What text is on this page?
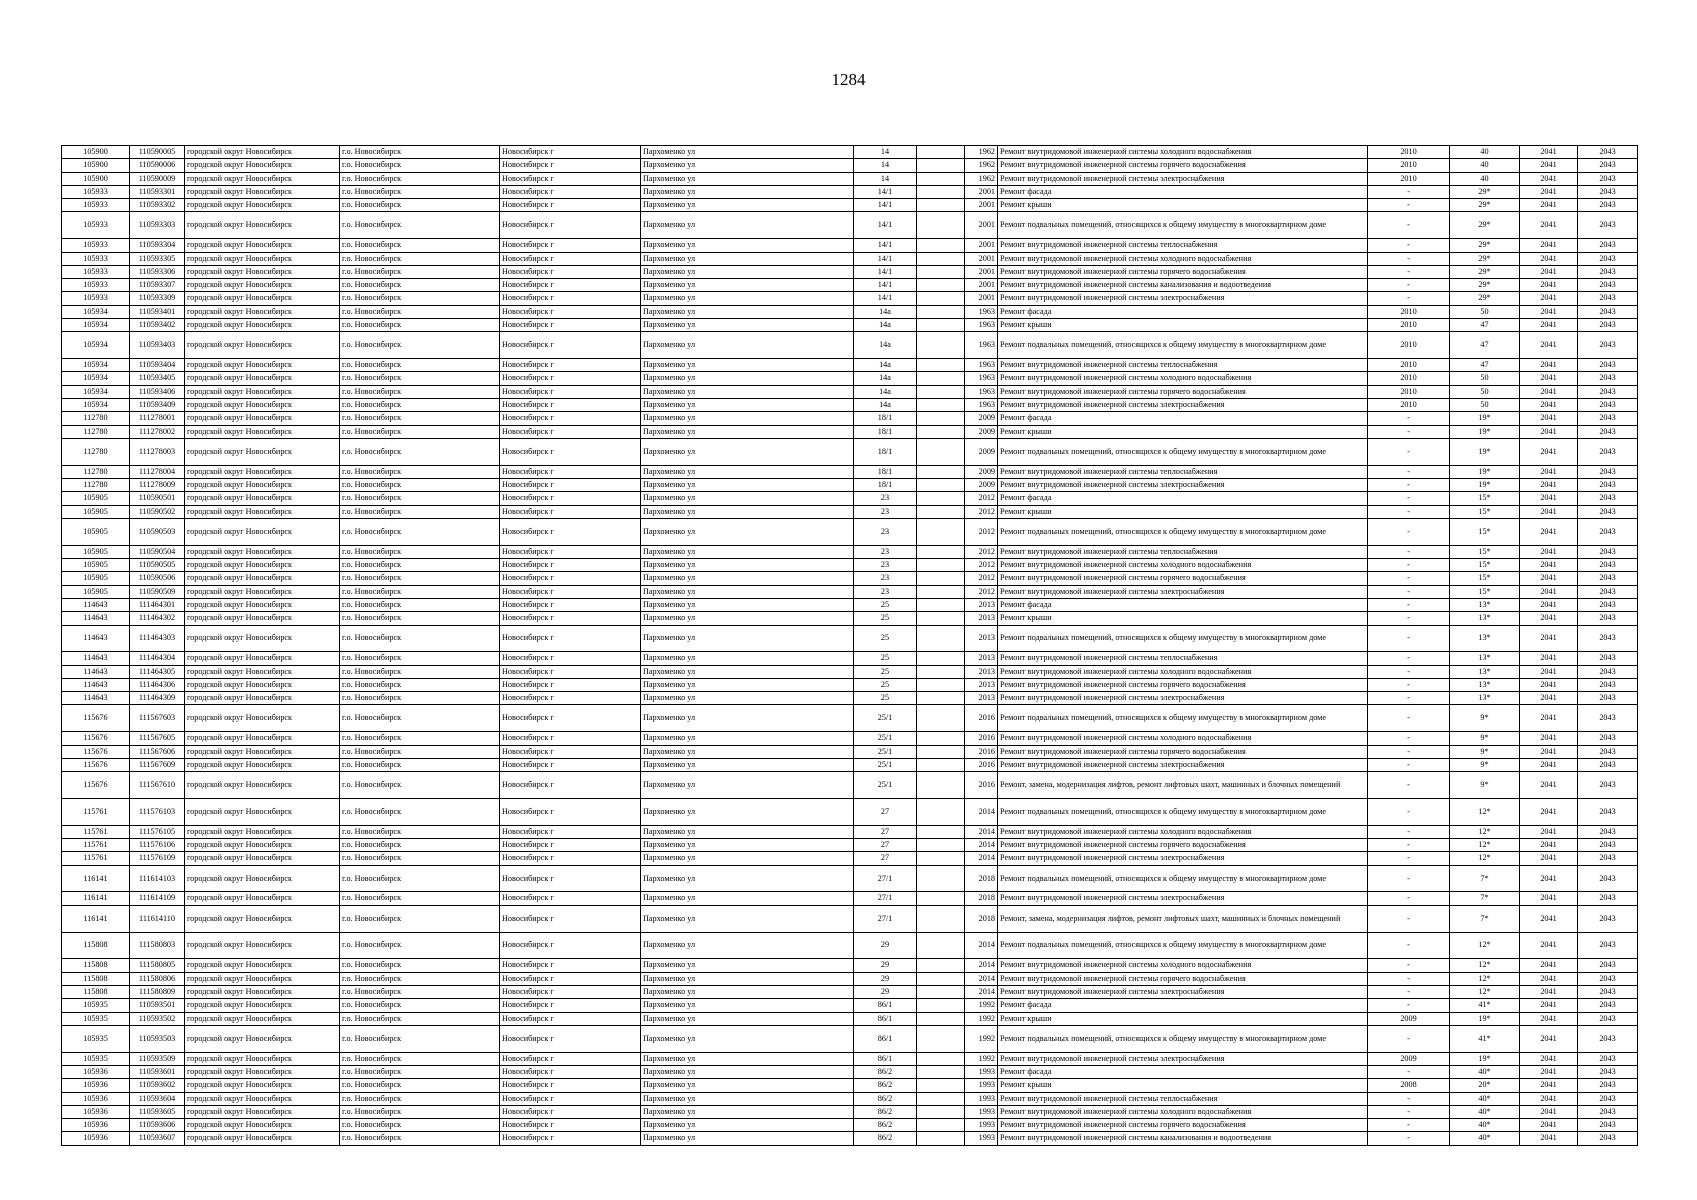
1284
105900	110590005	городской округ Новосибирск	г.о. Новосибирск	Новосибирск г	Пархоменко ул	14		1962	Ремонт внутридомовой инженерной системы холодного водоснабжения	2010	40	2041	2043
105900	110590006	городской округ Новосибирск	г.о. Новосибирск	Новосибирск г	Пархоменко ул	14		1962	Ремонт внутридомовой инженерной системы горячего водоснабжения	2010	40	2041	2043
105900	110590009	городской округ Новосибирск	г.о. Новосибирск	Новосибирск г	Пархоменко ул	14		1962	Ремонт внутридомовой инженерной системы электроснабжения	2010	40	2041	2043
105933	110593301	городской округ Новосибирск	г.о. Новосибирск	Новосибирск г	Пархоменко ул	14/1		2001	Ремонт фасада	-	29*	2041	2043
105933	110593302	городской округ Новосибирск	г.о. Новосибирск	Новосибирск г	Пархоменко ул	14/1		2001	Ремонт крыши	-	29*	2041	2043
105933	110593303	городской округ Новосибирск	г.о. Новосибирск	Новосибирск г	Пархоменко ул	14/1		2001	Ремонт подвальных помещений, относящихся к общему имуществу в многоквартирном доме	-	29*	2041	2043
105933	110593304	городской округ Новосибирск	г.о. Новосибирск	Новосибирск г	Пархоменко ул	14/1		2001	Ремонт внутридомовой инженерной системы теплоснабжения	-	29*	2041	2043
105933	110593305	городской округ Новосибирск	г.о. Новосибирск	Новосибирск г	Пархоменко ул	14/1		2001	Ремонт внутридомовой инженерной системы холодного водоснабжения	-	29*	2041	2043
105933	110593306	городской округ Новосибирск	г.о. Новосибирск	Новосибирск г	Пархоменко ул	14/1		2001	Ремонт внутридомовой инженерной системы горячего водоснабжения	-	29*	2041	2043
105933	110593307	городской округ Новосибирск	г.о. Новосибирск	Новосибирск г	Пархоменко ул	14/1		2001	Ремонт внутридомовой инженерной системы канализования и водоотведения	-	29*	2041	2043
105933	110593309	городской округ Новосибирск	г.о. Новосибирск	Новосибирск г	Пархоменко ул	14/1		2001	Ремонт внутридомовой инженерной системы электроснабжения	-	29*	2041	2043
105934	110593401	городской округ Новосибирск	г.о. Новосибирск	Новосибирск г	Пархоменко ул	14а		1963	Ремонт фасада	2010	50	2041	2043
105934	110593402	городской округ Новосибирск	г.о. Новосибирск	Новосибирск г	Пархоменко ул	14а		1963	Ремонт крыши	2010	47	2041	2043
105934	110593403	городской округ Новосибирск	г.о. Новосибирск	Новосибирск г	Пархоменко ул	14а		1963	Ремонт подвальных помещений, относящихся к общему имуществу в многоквартирном доме	2010	47	2041	2043
105934	110593404	городской округ Новосибирск	г.о. Новосибирск	Новосибирск г	Пархоменко ул	14а		1963	Ремонт внутридомовой инженерной системы теплоснабжения	2010	47	2041	2043
105934	110593405	городской округ Новосибирск	г.о. Новосибирск	Новосибирск г	Пархоменко ул	14а		1963	Ремонт внутридомовой инженерной системы холодного водоснабжения	2010	50	2041	2043
105934	110593406	городской округ Новосибирск	г.о. Новосибирск	Новосибирск г	Пархоменко ул	14а		1963	Ремонт внутридомовой инженерной системы горячего водоснабжения	2010	50	2041	2043
105934	110593409	городской округ Новосибирск	г.о. Новосибирск	Новосибирск г	Пархоменко ул	14а		1963	Ремонт внутридомовой инженерной системы электроснабжения	2010	50	2041	2043
112780	111278001	городской округ Новосибирск	г.о. Новосибирск	Новосибирск г	Пархоменко ул	18/1		2009	Ремонт фасада	-	19*	2041	2043
112780	111278002	городской округ Новосибирск	г.о. Новосибирск	Новосибирск г	Пархоменко ул	18/1		2009	Ремонт крыши	-	19*	2041	2043
112780	111278003	городской округ Новосибирск	г.о. Новосибирск	Новосибирск г	Пархоменко ул	18/1		2009	Ремонт подвальных помещений, относящихся к общему имуществу в многоквартирном доме	-	19*	2041	2043
112780	111278004	городской округ Новосибирск	г.о. Новосибирск	Новосибирск г	Пархоменко ул	18/1		2009	Ремонт внутридомовой инженерной системы теплоснабжения	-	19*	2041	2043
112780	111278009	городской округ Новосибирск	г.о. Новосибирск	Новосибирск г	Пархоменко ул	18/1		2009	Ремонт внутридомовой инженерной системы электроснабжения	-	19*	2041	2043
105905	110590501	городской округ Новосибирск	г.о. Новосибирск	Новосибирск г	Пархоменко ул	23		2012	Ремонт фасада	-	15*	2041	2043
105905	110590502	городской округ Новосибирск	г.о. Новосибирск	Новосибирск г	Пархоменко ул	23		2012	Ремонт крыши	-	15*	2041	2043
105905	110590503	городской округ Новосибирск	г.о. Новосибирск	Новосибирск г	Пархоменко ул	23		2012	Ремонт подвальных помещений, относящихся к общему имуществу в многоквартирном доме	-	15*	2041	2043
105905	110590504	городской округ Новосибирск	г.о. Новосибирск	Новосибирск г	Пархоменко ул	23		2012	Ремонт внутридомовой инженерной системы теплоснабжения	-	15*	2041	2043
105905	110590505	городской округ Новосибирск	г.о. Новосибирск	Новосибирск г	Пархоменко ул	23		2012	Ремонт внутридомовой инженерной системы холодного водоснабжения	-	15*	2041	2043
105905	110590506	городской округ Новосибирск	г.о. Новосибирск	Новосибирск г	Пархоменко ул	23		2012	Ремонт внутридомовой инженерной системы горячего водоснабжения	-	15*	2041	2043
105905	110590509	городской округ Новосибирск	г.о. Новосибирск	Новосибирск г	Пархоменко ул	23		2012	Ремонт внутридомовой инженерной системы электроснабжения	-	15*	2041	2043
114643	111464301	городской округ Новосибирск	г.о. Новосибирск	Новосибирск г	Пархоменко ул	25		2013	Ремонт фасада	-	13*	2041	2043
114643	111464302	городской округ Новосибирск	г.о. Новосибирск	Новосибирск г	Пархоменко ул	25		2013	Ремонт крыши	-	13*	2041	2043
114643	111464303	городской округ Новосибирск	г.о. Новосибирск	Новосибирск г	Пархоменко ул	25		2013	Ремонт подвальных помещений, относящихся к общему имуществу в многоквартирном доме	-	13*	2041	2043
114643	111464304	городской округ Новосибирск	г.о. Новосибирск	Новосибирск г	Пархоменко ул	25		2013	Ремонт внутридомовой инженерной системы теплоснабжения	-	13*	2041	2043
114643	111464305	городской округ Новосибирск	г.о. Новосибирск	Новосибирск г	Пархоменко ул	25		2013	Ремонт внутридомовой инженерной системы холодного водоснабжения	-	13*	2041	2043
114643	111464306	городской округ Новосибирск	г.о. Новосибирск	Новосибирск г	Пархоменко ул	25		2013	Ремонт внутридомовой инженерной системы горячего водоснабжения	-	13*	2041	2043
114643	111464309	городской округ Новосибирск	г.о. Новосибирск	Новосибирск г	Пархоменко ул	25		2013	Ремонт внутридомовой инженерной системы электроснабжения	-	13*	2041	2043
115676	111567603	городской округ Новосибирск	г.о. Новосибирск	Новосибирск г	Пархоменко ул	25/1		2016	Ремонт подвальных помещений, относящихся к общему имуществу в многоквартирном доме	-	9*	2041	2043
115676	111567605	городской округ Новосибирск	г.о. Новосибирск	Новосибирск г	Пархоменко ул	25/1		2016	Ремонт внутридомовой инженерной системы холодного водоснабжения	-	9*	2041	2043
115676	111567606	городской округ Новосибирск	г.о. Новосибирск	Новосибирск г	Пархоменко ул	25/1		2016	Ремонт внутридомовой инженерной системы горячего водоснабжения	-	9*	2041	2043
115676	111567609	городской округ Новосибирск	г.о. Новосибирск	Новосибирск г	Пархоменко ул	25/1		2016	Ремонт внутридомовой инженерной системы электроснабжения	-	9*	2041	2043
115676	111567610	городской округ Новосибирск	г.о. Новосибирск	Новосибирск г	Пархоменко ул	25/1		2016	Ремонт, замена, модернизация лифтов, ремонт лифтовых шахт, машинных и блочных помещений	-	9*	2041	2043
115761	111576103	городской округ Новосибирск	г.о. Новосибирск	Новосибирск г	Пархоменко ул	27		2014	Ремонт подвальных помещений, относящихся к общему имуществу в многоквартирном доме	-	12*	2041	2043
115761	111576105	городской округ Новосибирск	г.о. Новосибирск	Новосибирск г	Пархоменко ул	27		2014	Ремонт внутридомовой инженерной системы холодного водоснабжения	-	12*	2041	2043
115761	111576106	городской округ Новосибирск	г.о. Новосибирск	Новосибирск г	Пархоменко ул	27		2014	Ремонт внутридомовой инженерной системы горячего водоснабжения	-	12*	2041	2043
115761	111576109	городской округ Новосибирск	г.о. Новосибирск	Новосибирск г	Пархоменко ул	27		2014	Ремонт внутридомовой инженерной системы электроснабжения	-	12*	2041	2043
116141	111614103	городской округ Новосибирск	г.о. Новосибирск	Новосибирск г	Пархоменко ул	27/1		2018	Ремонт подвальных помещений, относящихся к общему имуществу в многоквартирном доме	-	7*	2041	2043
116141	111614109	городской округ Новосибирск	г.о. Новосибирск	Новосибирск г	Пархоменко ул	27/1		2018	Ремонт внутридомовой инженерной системы электроснабжения	-	7*	2041	2043
116141	111614110	городской округ Новосибирск	г.о. Новосибирск	Новосибирск г	Пархоменко ул	27/1		2018	Ремонт, замена, модернизация лифтов, ремонт лифтовых шахт, машинных и блочных помещений	-	7*	2041	2043
115808	111580803	городской округ Новосибирск	г.о. Новосибирск	Новосибирск г	Пархоменко ул	29		2014	Ремонт подвальных помещений, относящихся к общему имуществу в многоквартирном доме	-	12*	2041	2043
115808	111580805	городской округ Новосибирск	г.о. Новосибирск	Новосибирск г	Пархоменко ул	29		2014	Ремонт внутридомовой инженерной системы холодного водоснабжения	-	12*	2041	2043
115808	111580806	городской округ Новосибирск	г.о. Новосибирск	Новосибирск г	Пархоменко ул	29		2014	Ремонт внутридомовой инженерной системы горячего водоснабжения	-	12*	2041	2043
115808	111580809	городской округ Новосибирск	г.о. Новосибирск	Новосибирск г	Пархоменко ул	29		2014	Ремонт внутридомовой инженерной системы электроснабжения	-	12*	2041	2043
105935	110593501	городской округ Новосибирск	г.о. Новосибирск	Новосибирск г	Пархоменко ул	86/1		1992	Ремонт фасада	-	41*	2041	2043
105935	110593502	городской округ Новосибирск	г.о. Новосибирск	Новосибирск г	Пархоменко ул	86/1		1992	Ремонт крыши	2009	19*	2041	2043
105935	110593503	городской округ Новосибирск	г.о. Новосибирск	Новосибирск г	Пархоменко ул	86/1		1992	Ремонт подвальных помещений, относящихся к общему имуществу в многоквартирном доме	-	41*	2041	2043
105935	110593509	городской округ Новосибирск	г.о. Новосибирск	Новосибирск г	Пархоменко ул	86/1		1992	Ремонт внутридомовой инженерной системы электроснабжения	2009	19*	2041	2043
105936	110593601	городской округ Новосибирск	г.о. Новосибирск	Новосибирск г	Пархоменко ул	86/2		1993	Ремонт фасада	-	40*	2041	2043
105936	110593602	городской округ Новосибирск	г.о. Новосибирск	Новосибирск г	Пархоменко ул	86/2		1993	Ремонт крыши	2008	20*	2041	2043
105936	110593604	городской округ Новосибирск	г.о. Новосибирск	Новосибирск г	Пархоменко ул	86/2		1993	Ремонт внутридомовой инженерной системы теплоснабжения	-	40*	2041	2043
105936	110593605	городской округ Новосибирск	г.о. Новосибирск	Новосибирск г	Пархоменко ул	86/2		1993	Ремонт внутридомовой инженерной системы холодного водоснабжения	-	40*	2041	2043
105936	110593606	городской округ Новосибирск	г.о. Новосибирск	Новосибирск г	Пархоменко ул	86/2		1993	Ремонт внутридомовой инженерной системы горячего водоснабжения	-	40*	2041	2043
105936	110593607	городской округ Новосибирск	г.о. Новосибирск	Новосибирск г	Пархоменко ул	86/2		1993	Ремонт внутридомовой инженерной системы канализования и водоотведения	-	40*	2041	2043
